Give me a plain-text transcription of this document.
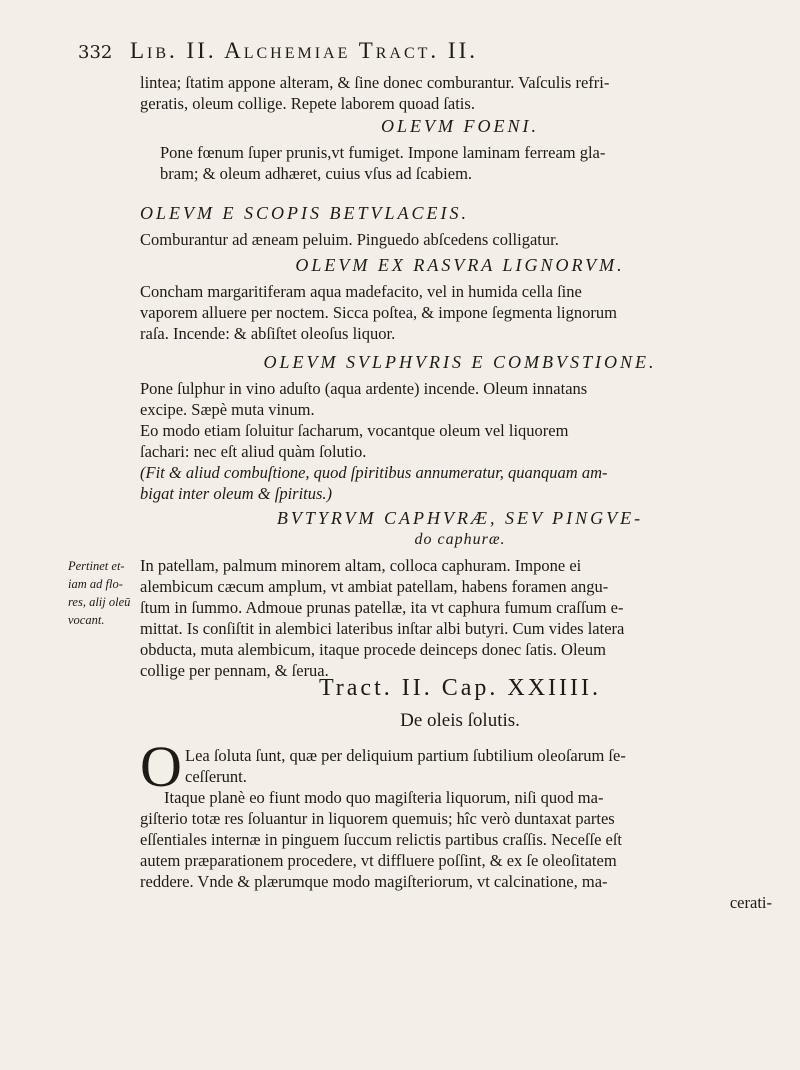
332 Lib. II. Alchemiae Tract. II.
lintea; ſtatim appone alteram, & ſine donec comburantur. Vaſculis refri-
geratis, oleum collige. Repete laborem quoad ſatis.
OLEVM FOENI.
Pone fœnum ſuper prunis,vt fumiget. Impone laminam ferream gla-
bram; & oleum adhæret, cuius vſus ad ſcabiem.
OLEVM E SCOPIS BETVLACEIS.
Comburantur ad æneam peluim. Pinguedo abſcedens colligatur.
OLEVM EX RASVRA LIGNORVM.
Concham margaritiferam aqua madefacito, vel in humida cella ſine
vaporem alluere per noctem. Sicca poſtea, & impone ſegmenta lignorum
raſa. Incende: & abſiſtet oleoſus liquor.
OLEVM SVLPHVRIS E COMBVSTIONE.
Pone ſulphur in vino aduſto (aqua ardente) incende. Oleum innatans
excipe. Sæpè muta vinum.
Eo modo etiam ſoluitur ſacharum, vocantque oleum vel liquorem
ſachari: nec eſt aliud quàm ſolutio.
(Fit & aliud combuſtione, quod ſpiritibus annumeratur, quanquam am-
bigat inter oleum & ſpiritus.)
BVTYRVM CAPHVRÆ, SEV PINGVE-
do caphuræ.
Pertinet et-
iam ad flo-
res, alij oleū
vocant.
In patellam, palmum minorem altam, colloca caphuram. Impone ei
alembicum cæcum amplum, vt ambiat patellam, habens foramen angu-
ſtum in ſummo. Admoue prunas patellæ, ita vt caphura fumum craſſum e-
mittat. Is conſiſtit in alembici lateribus inſtar albi butyri. Cum vides latera
obducta, muta alembicum, itaque procede deinceps donec ſatis. Oleum
collige per pennam, & ſerua.
Tract. II. Cap. XXIIII.
De oleis ſolutis.
O Lea ſoluta ſunt, quæ per deliquium partium ſubtilium oleoſarum ſe-
ceſſerunt.
Itaque planè eo fiunt modo quo magiſteria liquorum, niſi quod ma-
giſterio totæ res ſoluantur in liquorem quemuis; hîc verò duntaxat partes
eſſentiales internæ in pinguem ſuccum relictis partibus craſſis. Neceſſe eſt
autem præparationem procedere, vt diffluere poſſint, & ex ſe oleoſitatem
reddere. Vnde & plærumque modo magiſteriorum, vt calcinatione, ma-
cerati-
